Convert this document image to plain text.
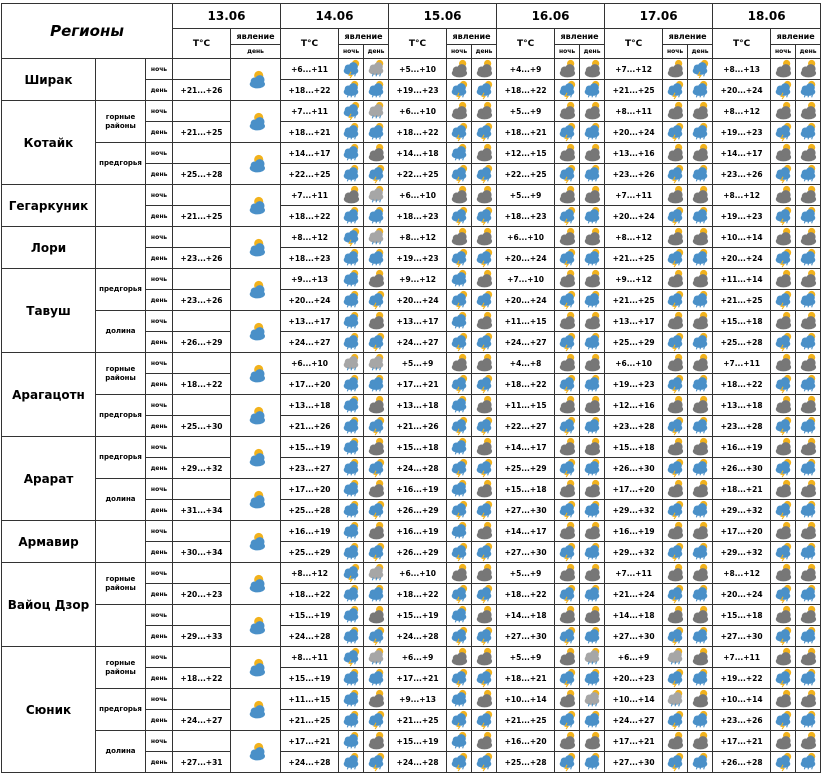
Регионы			13.06		14.06			15.06			16.06			17.06			18.06		
			T°C	явление	T°C	явление		T°C	явление		T°C	явление		T°C	явление		T°C	явление	
				день		ночь	день		ночь	день		ночь	день		ночь	день		ночь	день
Ширак		ночь			+6...+11			+5...+10			+4...+9			+7...+12			+8...+13		
		день	+21...+26		+18...+22			+19...+23			+18...+22			+21...+25			+20...+24		
Котайк	горные районы	ночь			+7...+11			+6...+10			+5...+9			+8...+11			+8...+12		
		день	+21...+25		+18...+21			+18...+22			+18...+21			+20...+24			+19...+23		
	предгорья	ночь			+14...+17			+14...+18			+12...+15			+13...+16			+14...+17		
		день	+25...+28		+22...+25			+22...+25			+22...+25			+23...+26			+23...+26		
Гегаркуник		ночь			+7...+11			+6...+10			+5...+9			+7...+11			+8...+12		
		день	+21...+25		+18...+22			+18...+23			+18...+23			+20...+24			+19...+23		
Лори		ночь			+8...+12			+8...+12			+6...+10			+8...+12			+10...+14		
		день	+23...+26		+18...+23			+19...+23			+20...+24			+21...+25			+20...+24		
Тавуш	предгорья	ночь			+9...+13			+9...+12			+7...+10			+9...+12			+11...+14		
		день	+23...+26		+20...+24			+20...+24			+20...+24			+21...+25			+21...+25		
	долина	ночь			+13...+17			+13...+17			+11...+15			+13...+17			+15...+18		
		день	+26...+29		+24...+27			+24...+27			+24...+27			+25...+29			+25...+28		
Арагацотн	горные районы	ночь			+6...+10			+5...+9			+4...+8			+6...+10			+7...+11		
		день	+18...+22		+17...+20			+17...+21			+18...+22			+19...+23			+18...+22		
	предгорья	ночь			+13...+18			+13...+18			+11...+15			+12...+16			+13...+18		
		день	+25...+30		+21...+26			+21...+26			+22...+27			+23...+28			+23...+28		
Арарат	предгорья	ночь			+15...+19			+15...+18			+14...+17			+15...+18			+16...+19		
		день	+29...+32		+23...+27			+24...+28			+25...+29			+26...+30			+26...+30		
	долина	ночь			+17...+20			+16...+19			+15...+18			+17...+20			+18...+21		
		день	+31...+34		+25...+28			+26...+29			+27...+30			+29...+32			+29...+32		
Армавир		ночь			+16...+19			+16...+19			+14...+17			+16...+19			+17...+20		
		день	+30...+34		+25...+29			+26...+29			+27...+30			+29...+32			+29...+32		
Вайоц Дзор	горные районы	ночь			+8...+12			+6...+10			+5...+9			+7...+11			+8...+12		
		день	+20...+23		+18...+22			+18...+22			+18...+22			+21...+24			+20...+24		
		ночь			+15...+19			+15...+19			+14...+18			+14...+18			+15...+18		
		день	+29...+33		+24...+28			+24...+28			+27...+30			+27...+30			+27...+30		
Сюник	горные районы	ночь			+8...+11			+6...+9			+5...+9			+6...+9			+7...+11		
		день	+18...+22		+15...+19			+17...+21			+18...+21			+20...+23			+19...+22		
	предгорья	ночь			+11...+15			+9...+13			+10...+14			+10...+14			+10...+14		
		день	+24...+27		+21...+25			+21...+25			+21...+25			+24...+27			+23...+26		
	долина	ночь			+17...+21			+15...+19			+16...+20			+17...+21			+17...+21		
		день	+27...+31		+24...+28			+24...+28			+25...+28			+27...+30			+26...+28		
